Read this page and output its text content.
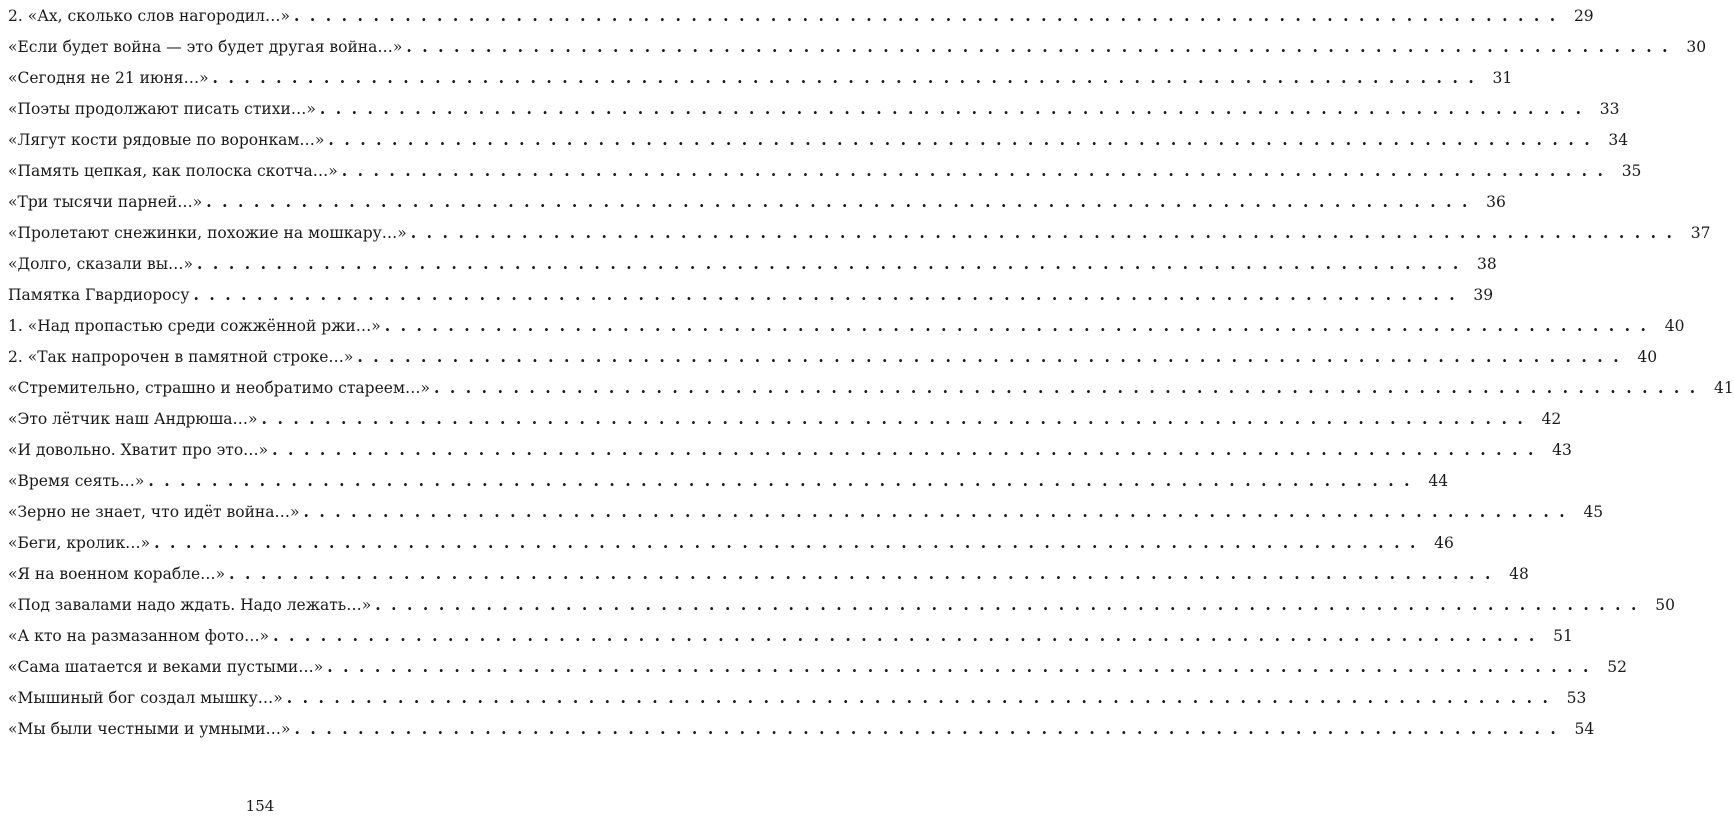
2. «Ах, сколько слов нагородил…» ................................................................................ 29
«Если будет война — это будет другая война…» ................................................................................ 30
«Сегодня не 21 июня…» ................................................................................ 31
«Поэты продолжают писать стихи…» ................................................................................ 33
«Лягут кости рядовые по воронкам…» ................................................................................ 34
«Память цепкая, как полоска скотча…» ................................................................................ 35
«Три тысячи парней…» ................................................................................ 36
«Пролетают снежинки, похожие на мошкару…» ................................................................................ 37
«Долго, сказали вы…» ................................................................................ 38
Памятка Гвардиоросу ................................................................................ 39
1. «Над пропастью среди сожжённой ржи…» ................................................................................ 40
2. «Так напророчен в памятной строке…» ................................................................................ 40
«Стремительно, страшно и необратимо стареем…» ................................................................................ 41
«Это лётчик наш Андрюша…» ................................................................................ 42
«И довольно. Хватит про это…» ................................................................................ 43
«Время сеять…» ................................................................................ 44
«Зерно не знает, что идёт война…» ................................................................................ 45
«Беги, кролик…» ................................................................................ 46
«Я на военном корабле…» ................................................................................ 48
«Под завалами надо ждать. Надо лежать…» ................................................................................ 50
«А кто на размазанном фото…» ................................................................................ 51
«Сама шатается и веками пустыми…» ................................................................................ 52
«Мышиный бог создал мышку…» ................................................................................ 53
«Мы были честными и умными…» ................................................................................ 54
154
